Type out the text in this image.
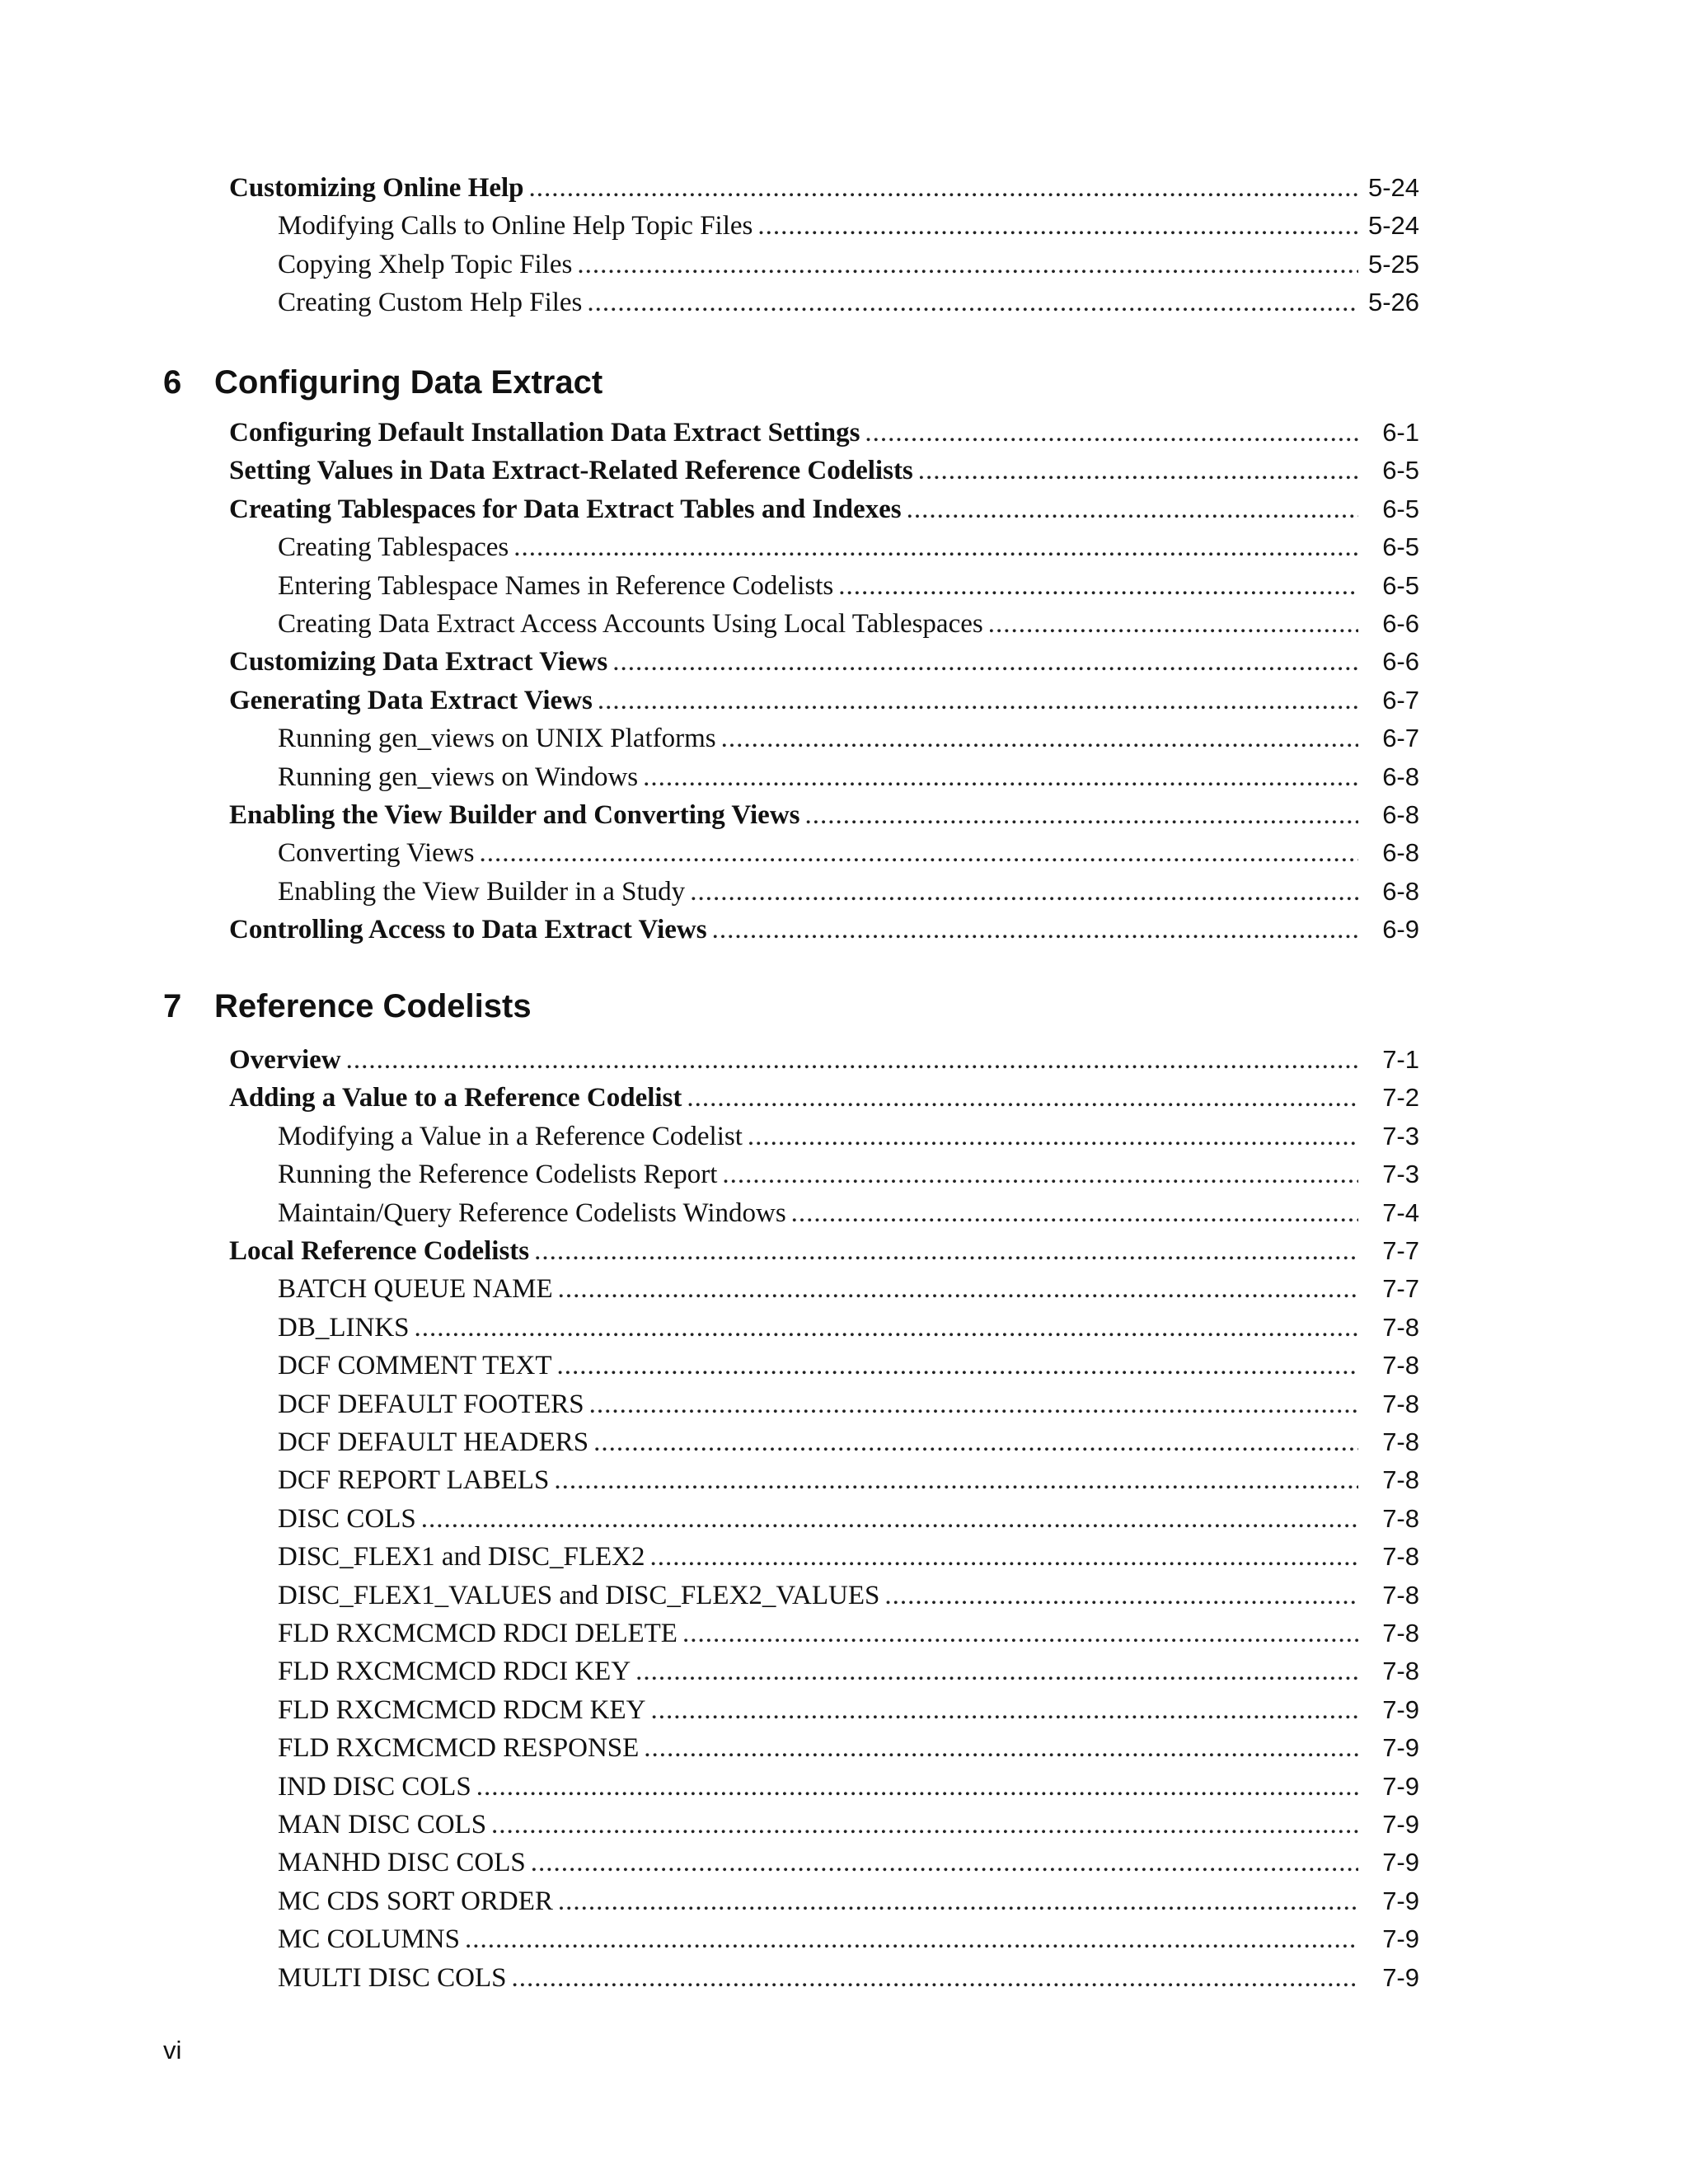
Customizing Online Help .....	5-24
Modifying Calls to Online Help Topic Files .....	5-24
Copying Xhelp Topic Files .....	5-25
Creating Custom Help Files .....	5-26
6 Configuring Data Extract
Configuring Default Installation Data Extract Settings .....	6-1
Setting Values in Data Extract-Related Reference Codelists .....	6-5
Creating Tablespaces for Data Extract Tables and Indexes .....	6-5
Creating Tablespaces .....	6-5
Entering Tablespace Names in Reference Codelists .....	6-5
Creating Data Extract Access Accounts Using Local Tablespaces .....	6-6
Customizing Data Extract Views .....	6-6
Generating Data Extract Views .....	6-7
Running gen_views on UNIX Platforms .....	6-7
Running gen_views on Windows .....	6-8
Enabling the View Builder and Converting Views .....	6-8
Converting Views .....	6-8
Enabling the View Builder in a Study .....	6-8
Controlling Access to Data Extract Views .....	6-9
7 Reference Codelists
Overview .....	7-1
Adding a Value to a Reference Codelist .....	7-2
Modifying a Value in a Reference Codelist .....	7-3
Running the Reference Codelists Report .....	7-3
Maintain/Query Reference Codelists Windows .....	7-4
Local Reference Codelists .....	7-7
BATCH QUEUE NAME .....	7-7
DB_LINKS .....	7-8
DCF COMMENT TEXT .....	7-8
DCF DEFAULT FOOTERS .....	7-8
DCF DEFAULT HEADERS .....	7-8
DCF REPORT LABELS .....	7-8
DISC COLS .....	7-8
DISC_FLEX1 and DISC_FLEX2 .....	7-8
DISC_FLEX1_VALUES and DISC_FLEX2_VALUES .....	7-8
FLD RXCMCMCD RDCI DELETE .....	7-8
FLD RXCMCMCD RDCI KEY .....	7-8
FLD RXCMCMCD RDCM KEY .....	7-9
FLD RXCMCMCD RESPONSE .....	7-9
IND DISC COLS .....	7-9
MAN DISC COLS .....	7-9
MANHD DISC COLS .....	7-9
MC CDS SORT ORDER .....	7-9
MC COLUMNS .....	7-9
MULTI DISC COLS .....	7-9
vi
